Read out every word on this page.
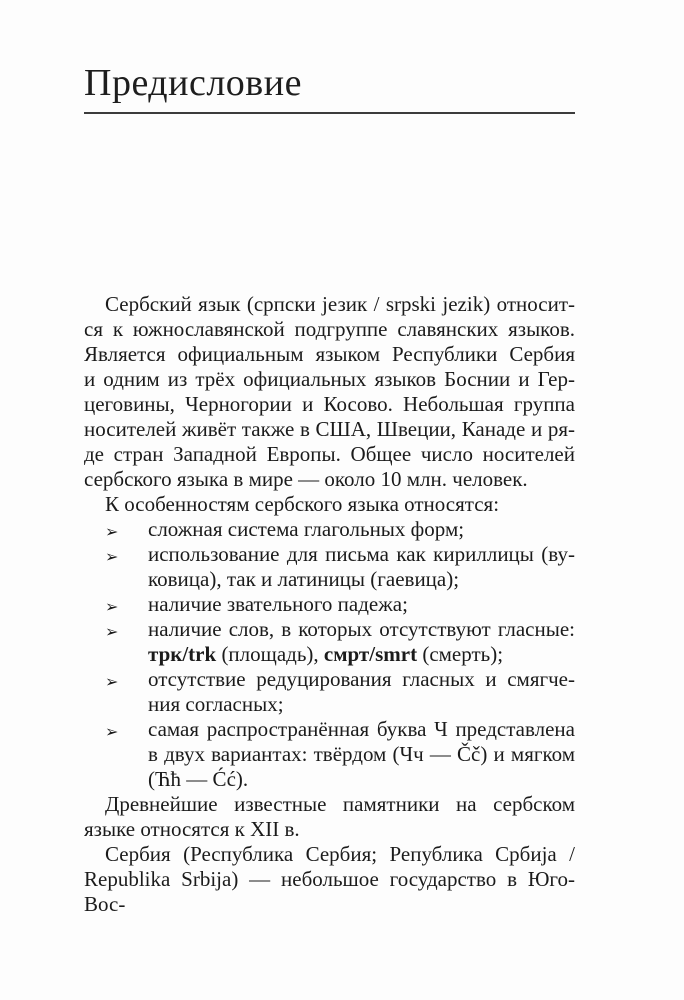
Предисловие
Сербский язык (српски језик / srpski jezik) относит-
ся к южнославянской подгруппе славянских языков.
Является официальным языком Республики Сербия
и одним из трёх официальных языков Боснии и Гер-
цеговины, Черногории и Косово. Небольшая группа
носителей живёт также в США, Швеции, Канаде и ря-
де стран Западной Европы. Общее число носителей
сербского языка в мире — около 10 млн. человек.
К особенностям сербского языка относятся:
➢ сложная система глагольных форм;
➢ использование для письма как кириллицы (ву-
ковица), так и латиницы (гаевица);
➢ наличие звательного падежа;
➢ наличие слов, в которых отсутствуют гласные:
трк/trk (площадь), смрт/smrt (смерть);
➢ отсутствие редуцирования гласных и смягче-
ния согласных;
➢ самая распространённая буква Ч представлена
в двух вариантах: твёрдом (Чч — Čč) и мягком
(Ћћ — Ćć).
Древнейшие известные памятники на сербском
языке относятся к XII в.
Сербия (Республика Сербия; Република Србија /
Republika Srbija) — небольшое государство в Юго-Вос-
